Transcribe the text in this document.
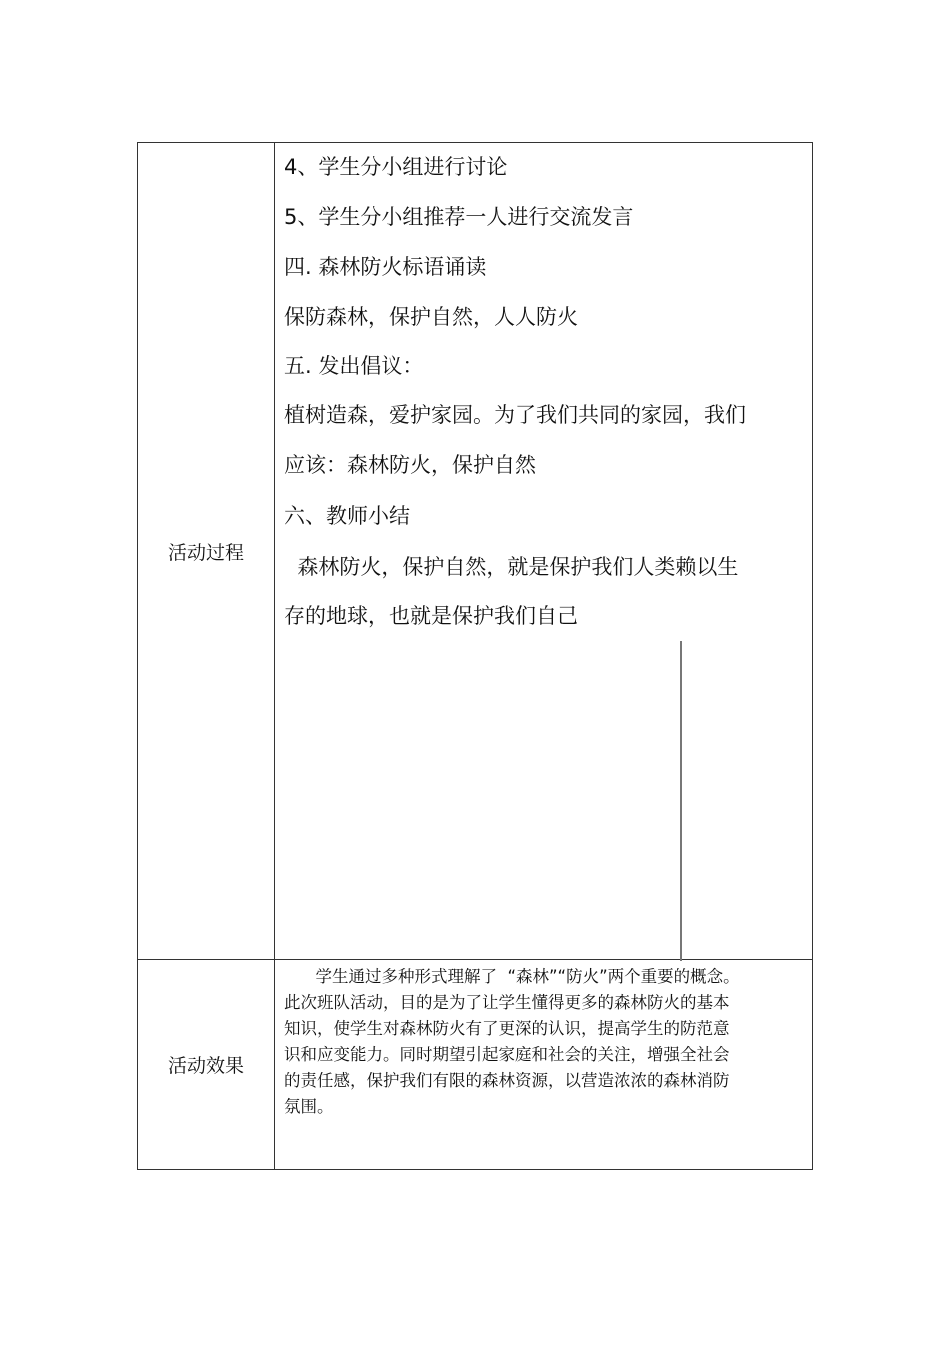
活动过程
4、学生分小组进行讨论
5、学生分小组推荐一人进行交流发言
四. 森林防火标语诵读
保防森林，保护自然，人人防火
五. 发出倡议：
植树造森，爱护家园。为了我们共同的家园，我们
应该：森林防火，保护自然
六、教师小结
森林防火，保护自然，就是保护我们人类赖以生
存的地球，也就是保护我们自己
活动效果
学生通过多种形式理解了  “森林”“防火”两个重要的概念。
此次班队活动，目的是为了让学生懂得更多的森林防火的基本
知识，使学生对森林防火有了更深的认识，提高学生的防范意
识和应变能力。同时期望引起家庭和社会的关注，增强全社会
的责任感，保护我们有限的森林资源，以营造浓浓的森林消防
氛围。
